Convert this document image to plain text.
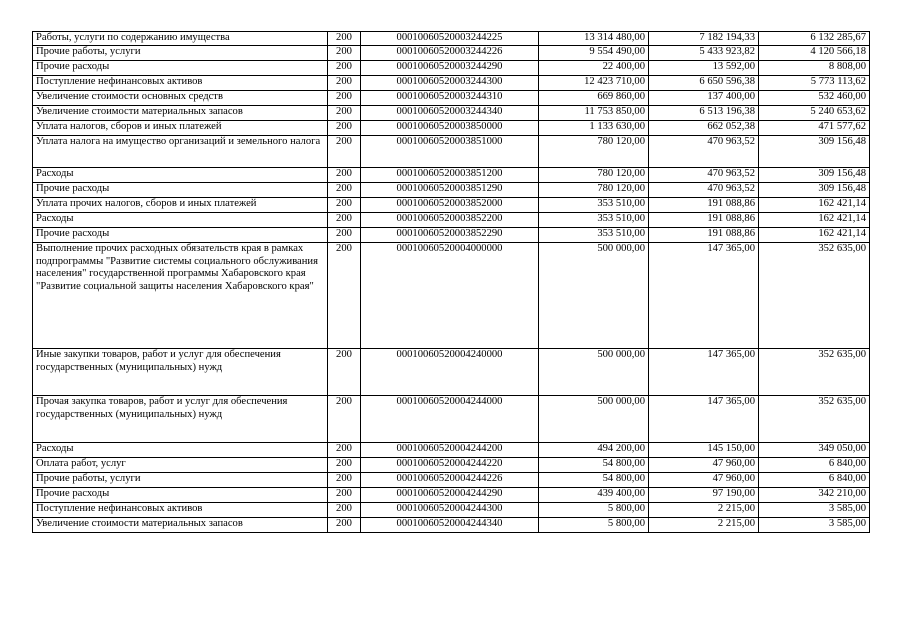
Работы, услуги по содержанию имущества	200	00010060520003244225	13 314 480,00	7 182 194,33	6 132 285,67
Прочие работы, услуги	200	00010060520003244226	9 554 490,00	5 433 923,82	4 120 566,18
Прочие расходы	200	00010060520003244290	22 400,00	13 592,00	8 808,00
Поступление нефинансовых активов	200	00010060520003244300	12 423 710,00	6 650 596,38	5 773 113,62
Увеличение стоимости основных средств	200	00010060520003244310	669 860,00	137 400,00	532 460,00
Увеличение стоимости материальных запасов	200	00010060520003244340	11 753 850,00	6 513 196,38	5 240 653,62
Уплата налогов, сборов и иных платежей	200	00010060520003850000	1 133 630,00	662 052,38	471 577,62
Уплата налога на имущество организаций и земельного налога	200	00010060520003851000	780 120,00	470 963,52	309 156,48
Расходы	200	00010060520003851200	780 120,00	470 963,52	309 156,48
Прочие расходы	200	00010060520003851290	780 120,00	470 963,52	309 156,48
Уплата прочих налогов, сборов и иных платежей	200	00010060520003852000	353 510,00	191 088,86	162 421,14
Расходы	200	00010060520003852200	353 510,00	191 088,86	162 421,14
Прочие расходы	200	00010060520003852290	353 510,00	191 088,86	162 421,14
Выполнение прочих расходных обязательств края в рамках подпрограммы "Развитие системы социального обслуживания населения" государственной программы Хабаровского края "Развитие социальной защиты населения Хабаровского края"	200	00010060520004000000	500 000,00	147 365,00	352 635,00
Иные закупки товаров, работ и услуг для обеспечения государственных (муниципальных) нужд	200	00010060520004240000	500 000,00	147 365,00	352 635,00
Прочая закупка товаров, работ и услуг для обеспечения государственных (муниципальных) нужд	200	00010060520004244000	500 000,00	147 365,00	352 635,00
Расходы	200	00010060520004244200	494 200,00	145 150,00	349 050,00
Оплата работ, услуг	200	00010060520004244220	54 800,00	47 960,00	6 840,00
Прочие работы, услуги	200	00010060520004244226	54 800,00	47 960,00	6 840,00
Прочие расходы	200	00010060520004244290	439 400,00	97 190,00	342 210,00
Поступление нефинансовых активов	200	00010060520004244300	5 800,00	2 215,00	3 585,00
Увеличение стоимости материальных запасов	200	00010060520004244340	5 800,00	2 215,00	3 585,00
